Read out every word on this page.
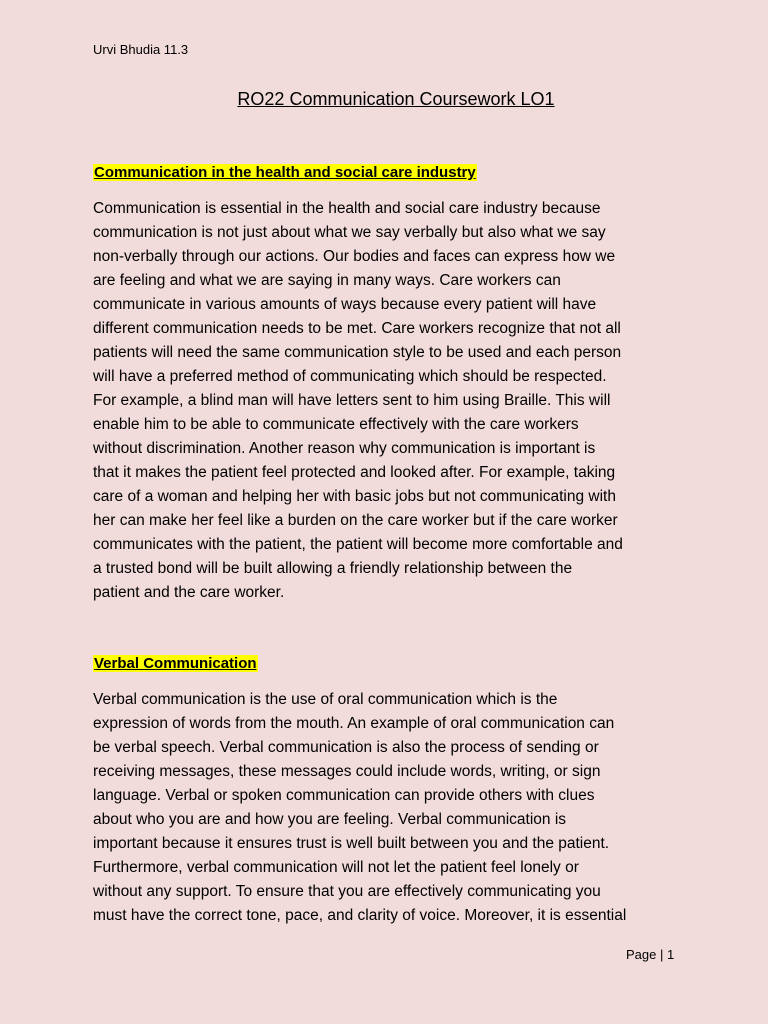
Urvi Bhudia 11.3
RO22 Communication Coursework LO1
Communication in the health and social care industry
Communication is essential in the health and social care industry because
communication is not just about what we say verbally but also what we say
non-verbally through our actions. Our bodies and faces can express how we
are feeling and what we are saying in many ways. Care workers can
communicate in various amounts of ways because every patient will have
different communication needs to be met. Care workers recognize that not all
patients will need the same communication style to be used and each person
will have a preferred method of communicating which should be respected.
For example, a blind man will have letters sent to him using Braille. This will
enable him to be able to communicate effectively with the care workers
without discrimination. Another reason why communication is important is
that it makes the patient feel protected and looked after. For example, taking
care of a woman and helping her with basic jobs but not communicating with
her can make her feel like a burden on the care worker but if the care worker
communicates with the patient, the patient will become more comfortable and
a trusted bond will be built allowing a friendly relationship between the
patient and the care worker.
Verbal Communication
Verbal communication is the use of oral communication which is the
expression of words from the mouth. An example of oral communication can
be verbal speech. Verbal communication is also the process of sending or
receiving messages, these messages could include words, writing, or sign
language. Verbal or spoken communication can provide others with clues
about who you are and how you are feeling. Verbal communication is
important because it ensures trust is well built between you and the patient.
Furthermore, verbal communication will not let the patient feel lonely or
without any support. To ensure that you are effectively communicating you
must have the correct tone, pace, and clarity of voice. Moreover, it is essential
Page | 1
